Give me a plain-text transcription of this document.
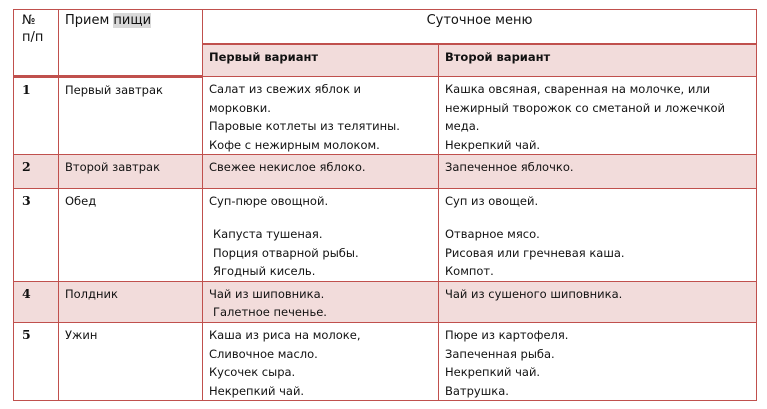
№ п/п	Прием пищи	Суточное меню	
		Первый вариант	Второй вариант
1	Первый завтрак	Салат из свежих яблок и
морковки.
Паровые котлеты из телятины.
Кофе с нежирным молоком.	Кашка овсяная, сваренная на молочке, или
нежирный творожок со сметаной и ложечкой
меда.
Некрепкий чай.

2	Второй завтрак	Свежее некислое яблоко.	Запеченное яблочко.

3	Обед	Суп-пюре овощной.
Капуста тушеная.
Порция отварной рыбы.
Ягодный кисель.	Суп из овощей.
Отварное мясо.
Рисовая или гречневая каша.
Компот.

4	Полдник	Чай из шиповника.
Галетное печенье.	Чай из сушеного шиповника.

5	Ужин	Каша из риса на молоке,
Сливочное масло.
Кусочек сыра.
Некрепкий чай.	Пюре из картофеля.
Запеченная рыба.
Некрепкий чай.
Ватрушка.
